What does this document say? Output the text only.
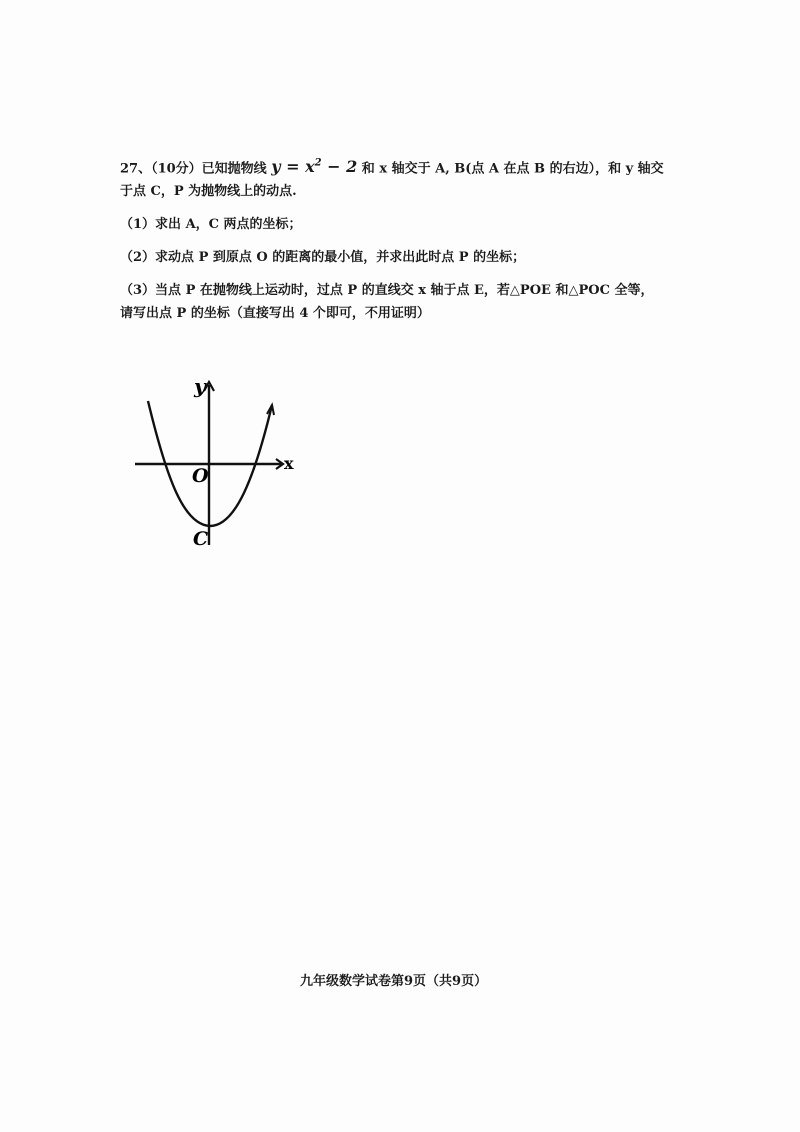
27、（10分）已知抛物线 $y = x^2 - 2$ 和 x 轴交于 A, B(点 A 在点 B 的右边），和 y 轴交
于点 C，P 为抛物线上的动点.
（1）求出 A，C 两点的坐标；
（2）求动点 P 到原点 O 的距离的最小值，并求出此时点 P 的坐标；
（3）当点 P 在抛物线上运动时，过点 P 的直线交 x 轴于点 E，若△POE 和△POC 全等，
请写出点 P 的坐标（直接写出 4 个即可，不用证明）
y
x
O
C
九年级数学试卷第9页（共9页）
